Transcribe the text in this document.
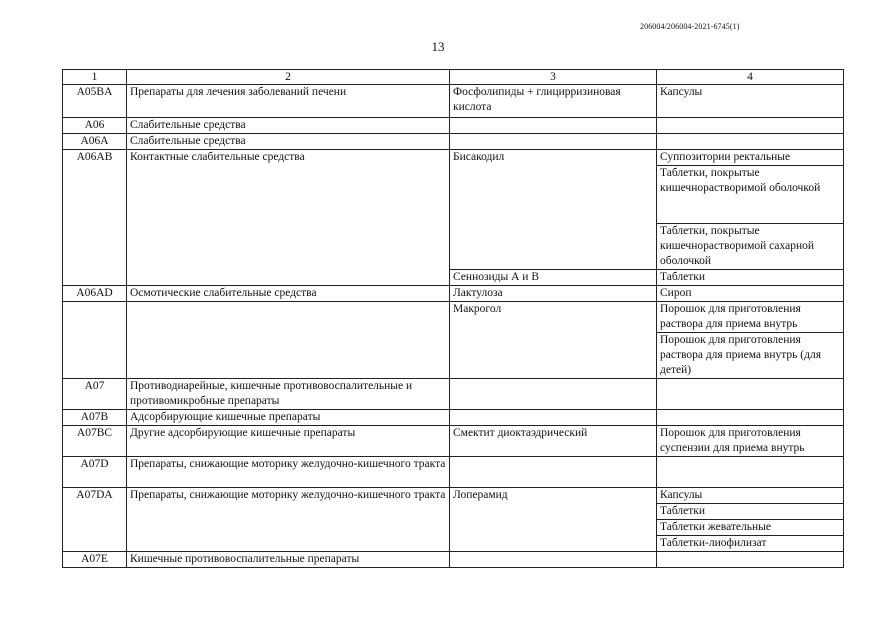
206004/206004-2021-6745(1)
13
1	2	3	4
A05BA	Препараты для лечения заболеваний печени	Фосфолипиды + глицирризиновая кислота	Капсулы
A06	Слабительные средства		
A06A	Слабительные средства		
A06AB	Контактные слабительные средства	Бисакодил	Суппозитории ректальные
			Таблетки, покрытые кишечнорастворимой оболочкой
			Таблетки, покрытые кишечнорастворимой сахарной оболочкой
		Сеннозиды А и В	Таблетки
A06AD	Осмотические слабительные средства	Лактулоза	Сироп
		Макрогол	Порошок для приготовления раствора для приема внутрь
			Порошок для приготовления раствора для приема внутрь (для детей)
A07	Противодиарейные, кишечные противовоспалительные и противомикробные препараты		
A07B	Адсорбирующие кишечные препараты		
A07BC	Другие адсорбирующие кишечные препараты	Смектит диоктаэдрический	Порошок для приготовления суспензии для приема внутрь
A07D	Препараты, снижающие моторику желудочно-кишечного тракта		
A07DA	Препараты, снижающие моторику желудочно-кишечного тракта	Лоперамид	Капсулы
			Таблетки
			Таблетки жевательные
			Таблетки-лиофилизат
A07E	Кишечные противовоспалительные препараты		
